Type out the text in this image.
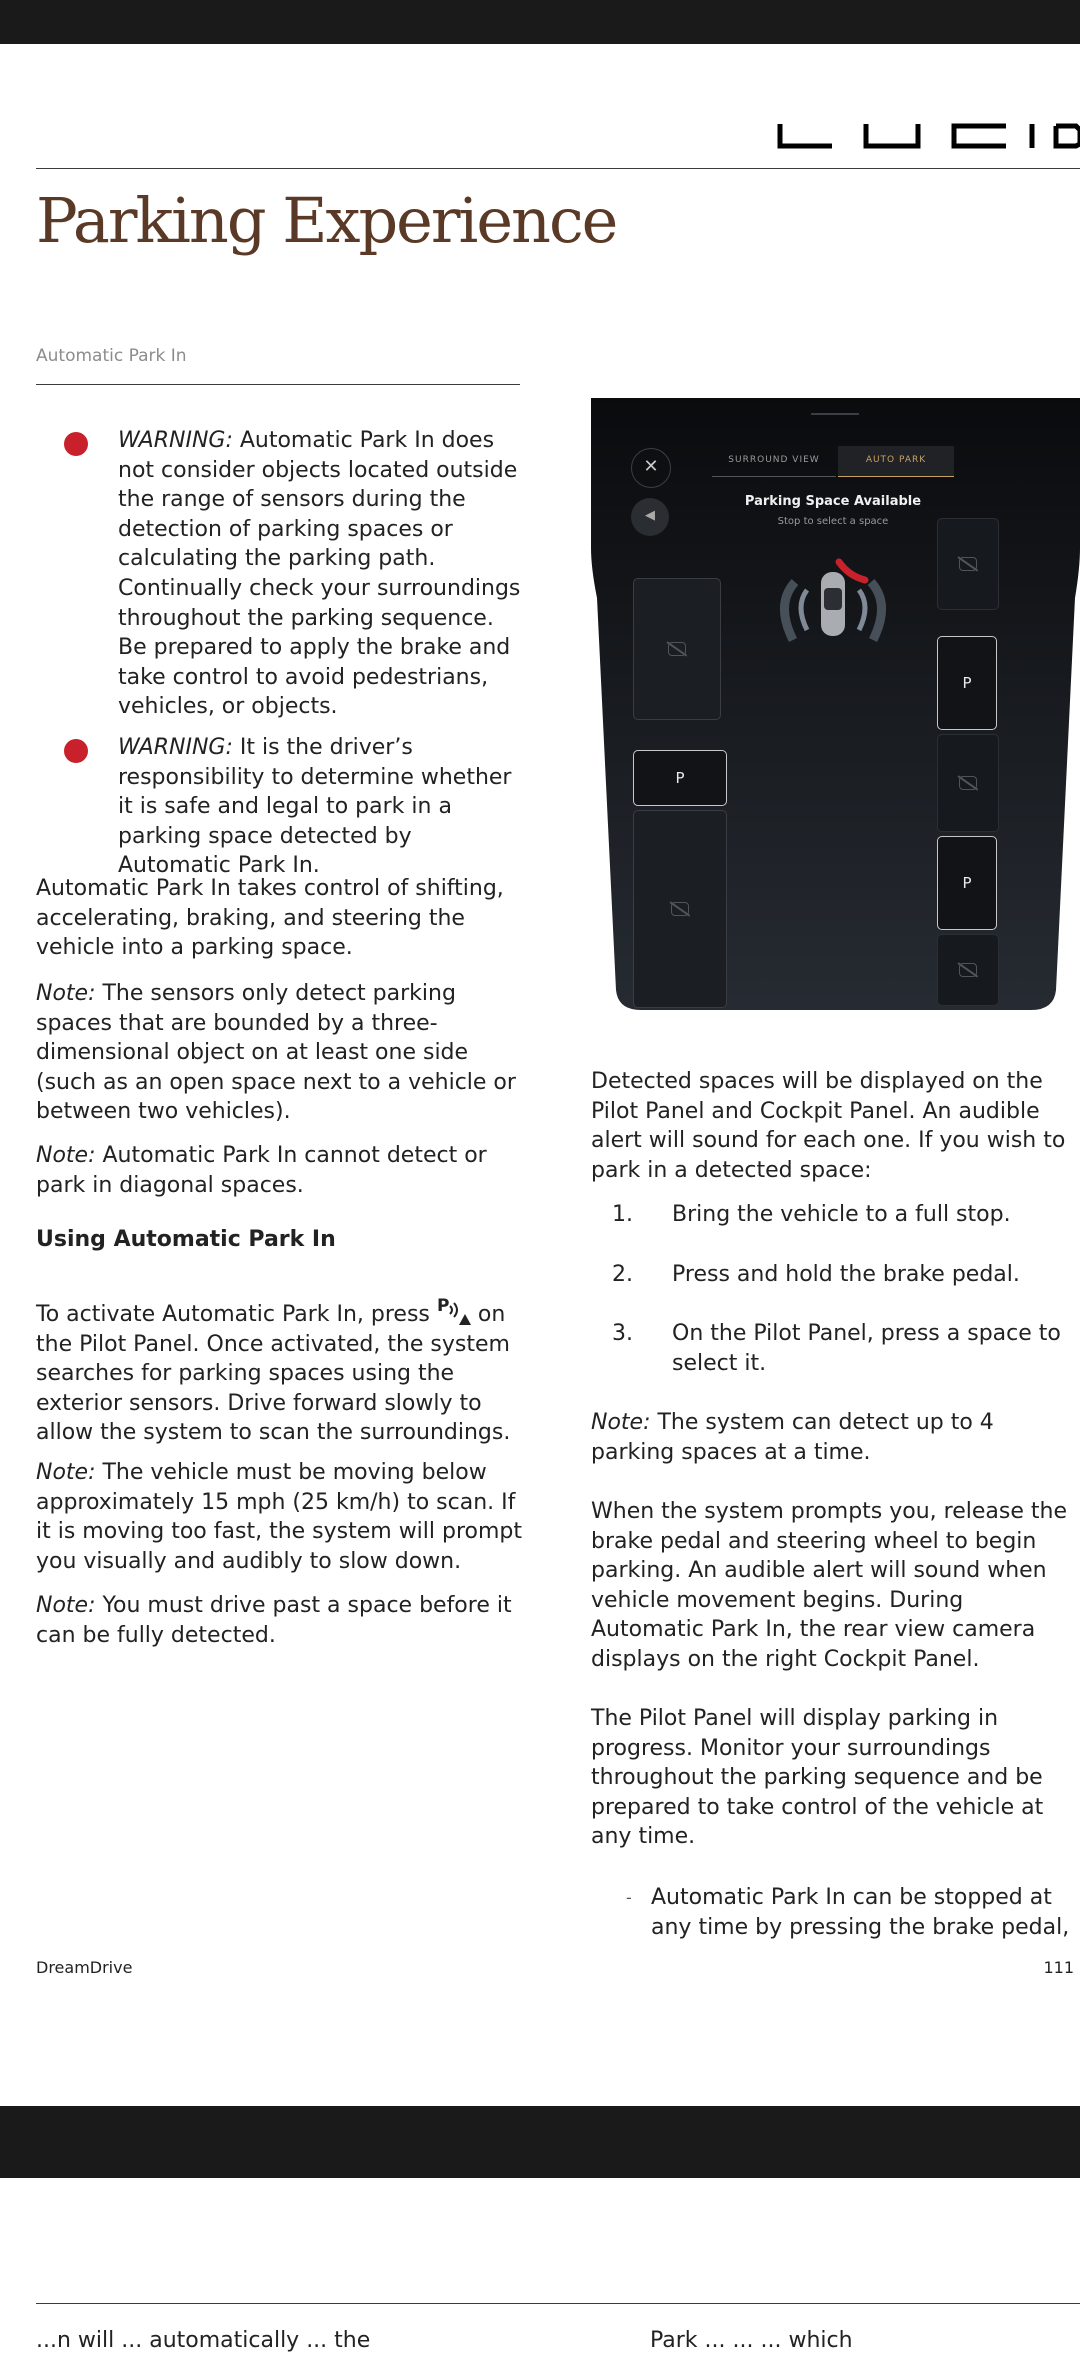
Parking Experience
Automatic Park In

WARNING: Automatic Park In does not consider objects located outside the range of sensors during the detection of parking spaces or calculating the parking path. Continually check your surroundings throughout the parking sequence. Be prepared to apply the brake and take control to avoid pedestrians, vehicles, or objects.

WARNING: It is the driver’s responsibility to determine whether it is safe and legal to park in a parking space detected by Automatic Park In.

Automatic Park In takes control of shifting, accelerating, braking, and steering the vehicle into a parking space.

Note: The sensors only detect parking spaces that are bounded by a three-dimensional object on at least one side (such as an open space next to a vehicle or between two vehicles).

Note: Automatic Park In cannot detect or park in diagonal spaces.

Using Automatic Park In

To activate Automatic Park In, press P on the Pilot Panel. Once activated, the system searches for parking spaces using the exterior sensors. Drive forward slowly to allow the system to scan the surroundings.

Note: The vehicle must be moving below approximately 15 mph (25 km/h) to scan. If it is moving too fast, the system will prompt you visually and audibly to slow down.

Note: You must drive past a space before it can be fully detected.

✕
◀
SURROUND VIEW	AUTO PARK
Parking Space Available
Stop to select a space
P
P
P

Detected spaces will be displayed on the Pilot Panel and Cockpit Panel. An audible alert will sound for each one. If you wish to park in a detected space:

1. Bring the vehicle to a full stop.
2. Press and hold the brake pedal.
3. On the Pilot Panel, press a space to select it.

Note: The system can detect up to 4 parking spaces at a time.

When the system prompts you, release the brake pedal and steering wheel to begin parking. An audible alert will sound when vehicle movement begins. During Automatic Park In, the rear view camera displays on the right Cockpit Panel.

The Pilot Panel will display parking in progress. Monitor your surroundings throughout the parking sequence and be prepared to take control of the vehicle at any time.

- Automatic Park In can be stopped at any time by pressing the brake pedal,
DreamDrive	111
...n will ... automatically ... the	Park ... ... ... which
